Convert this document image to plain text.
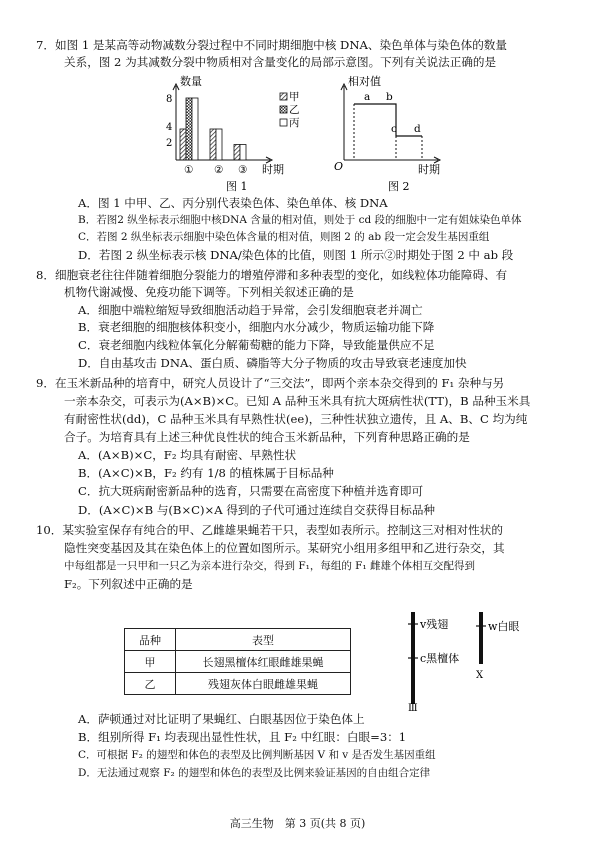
7．如图 1 是某高等动物减数分裂过程中不同时期细胞中核 DNA、染色单体与染色体的数量
关系，图 2 为其减数分裂中物质相对含量变化的局部示意图。下列有关说法正确的是
数量
8
4
2
① ② ③ 时期
甲
乙
丙
图 1
相对值
O
a b
c d
时期
图 2
A．图 1 中甲、乙、丙分别代表染色体、染色单体、核 DNA
B．若图2 纵坐标表示细胞中核DNA 含量的相对值，则处于 cd 段的细胞中一定有姐妹染色单体
C．若图 2 纵坐标表示细胞中染色体含量的相对值，则图 2 的 ab 段一定会发生基因重组
D．若图 2 纵坐标表示核 DNA/染色体的比值，则图 1 所示②时期处于图 2 中 ab 段
8．细胞衰老往往伴随着细胞分裂能力的增殖停滞和多种表型的变化，如线粒体功能障碍、有
机物代谢减慢、免疫功能下调等。下列相关叙述正确的是
A．细胞中端粒缩短导致细胞活动趋于异常，会引发细胞衰老并凋亡
B．衰老细胞的细胞核体积变小，细胞内水分减少，物质运输功能下降
C．衰老细胞内线粒体氧化分解葡萄糖的能力下降，导致能量供应不足
D．自由基攻击 DNA、蛋白质、磷脂等大分子物质的攻击导致衰老速度加快
9．在玉米新品种的培育中，研究人员设计了“三交法”，即两个亲本杂交得到的 F₁ 杂种与另
一亲本杂交，可表示为(A×B)×C。已知 A 品种玉米具有抗大斑病性状(TT)，B 品种玉米具
有耐密性状(dd)，C 品种玉米具有早熟性状(ee)，三种性状独立遗传，且 A、B、C 均为纯
合子。为培育具有上述三种优良性状的纯合玉米新品种，下列育种思路正确的是
A．(A×B)×C，F₂ 均具有耐密、早熟性状
B．(A×C)×B，F₂ 约有 1/8 的植株属于目标品种
C．抗大斑病耐密新品种的选育，只需要在高密度下种植并选育即可
D．(A×C)×B 与(B×C)×A 得到的子代可通过连续自交获得目标品种
10．某实验室保存有纯合的甲、乙雌雄果蝇若干只，表型如表所示。控制这三对相对性状的
隐性突变基因及其在染色体上的位置如图所示。某研究小组用多组甲和乙进行杂交，其
中每组都是一只甲和一只乙为亲本进行杂交，得到 F₁，每组的 F₁ 雌雄个体相互交配得到
F₂。下列叙述中正确的是
品种	表型
甲	长翅黑檀体红眼雌雄果蝇
乙	残翅灰体白眼雌雄果蝇
v残翅
c黑檀体
Ⅲ
w白眼
X
A．萨顿通过对比证明了果蝇红、白眼基因位于染色体上
B．组别所得 F₁ 均表现出显性性状，且 F₂ 中红眼：白眼=3：1
C．可根据 F₂ 的翅型和体色的表型及比例判断基因 V 和 v 是否发生基因重组
D．无法通过观察 F₂ 的翅型和体色的表型及比例来验证基因的自由组合定律
高三生物　第 3 页(共 8 页)
